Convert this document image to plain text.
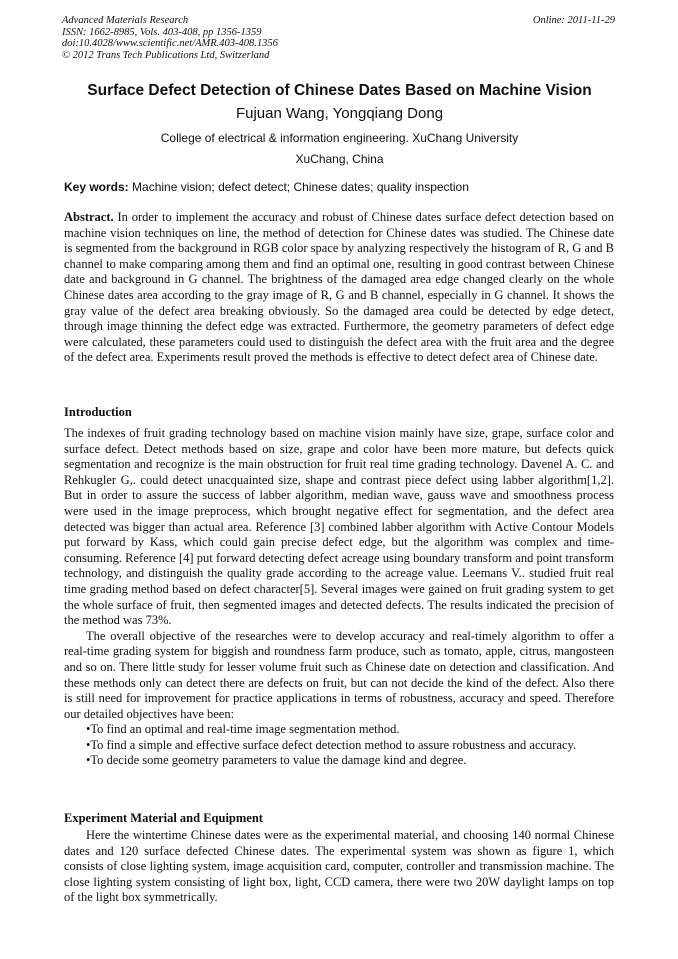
Advanced Materials Research
ISSN: 1662-8985, Vols. 403-408, pp 1356-1359
doi:10.4028/www.scientific.net/AMR.403-408.1356
© 2012 Trans Tech Publications Ltd, Switzerland
Online: 2011-11-29
Surface Defect Detection of Chinese Dates Based on Machine Vision
Fujuan Wang, Yongqiang Dong
College of electrical & information engineering. XuChang University
XuChang, China
Key words: Machine vision; defect detect; Chinese dates; quality inspection

Abstract. In order to implement the accuracy and robust of Chinese dates surface defect detection based on machine vision techniques on line, the method of detection for Chinese dates was studied. The Chinese date is segmented from the background in RGB color space by analyzing respectively the histogram of R, G and B channel to make comparing among them and find an optimal one, resulting in good contrast between Chinese date and background in G channel. The brightness of the damaged area edge changed clearly on the whole Chinese dates area according to the gray image of R, G and B channel, especially in G channel. It shows the gray value of the defect area breaking obviously. So the damaged area could be detected by edge detect, through image thinning the defect edge was extracted. Furthermore, the geometry parameters of defect edge were calculated, these parameters could used to distinguish the defect area with the fruit area and the degree of the defect area. Experiments result proved the methods is effective to detect defect area of Chinese date.

Introduction

The indexes of fruit grading technology based on machine vision mainly have size, grape, surface color and surface defect. Detect methods based on size, grape and color have been more mature, but defects quick segmentation and recognize is the main obstruction for fruit real time grading technology. Davenel A. C. and Rehkugler G,. could detect unacquainted size, shape and contrast piece defect using labber algorithm[1,2]. But in order to assure the success of labber algorithm, median wave, gauss wave and smoothness process were used in the image preprocess, which brought negative effect for segmentation, and the defect area detected was bigger than actual area. Reference [3] combined labber algorithm with Active Contour Models put forward by Kass, which could gain precise defect edge, but the algorithm was complex and time-consuming. Reference [4] put forward detecting defect acreage using boundary transform and point transform technology, and distinguish the quality grade according to the acreage value. Leemans V.. studied fruit real time grading method based on defect character[5]. Several images were gained on fruit grading system to get the whole surface of fruit, then segmented images and detected defects. The results indicated the precision of the method was 73%.

The overall objective of the researches were to develop accuracy and real-timely algorithm to offer a real-time grading system for biggish and roundness farm produce, such as tomato, apple, citrus, mangosteen and so on. There little study for lesser volume fruit such as Chinese date on detection and classification. And these methods only can detect there are defects on fruit, but can not decide the kind of the defect. Also there is still need for improvement for practice applications in terms of robustness, accuracy and speed. Therefore our detailed objectives have been:

•To find an optimal and real-time image segmentation method.

•To find a simple and effective surface defect detection method to assure robustness and accuracy.

•To decide some geometry parameters to value the damage kind and degree.

Experiment Material and Equipment

Here the wintertime Chinese dates were as the experimental material, and choosing 140 normal Chinese dates and 120 surface defected Chinese dates. The experimental system was shown as figure 1, which consists of close lighting system, image acquisition card, computer, controller and transmission machine. The close lighting system consisting of light box, light, CCD camera, there were two 20W daylight lamps on top of the light box symmetrically.
